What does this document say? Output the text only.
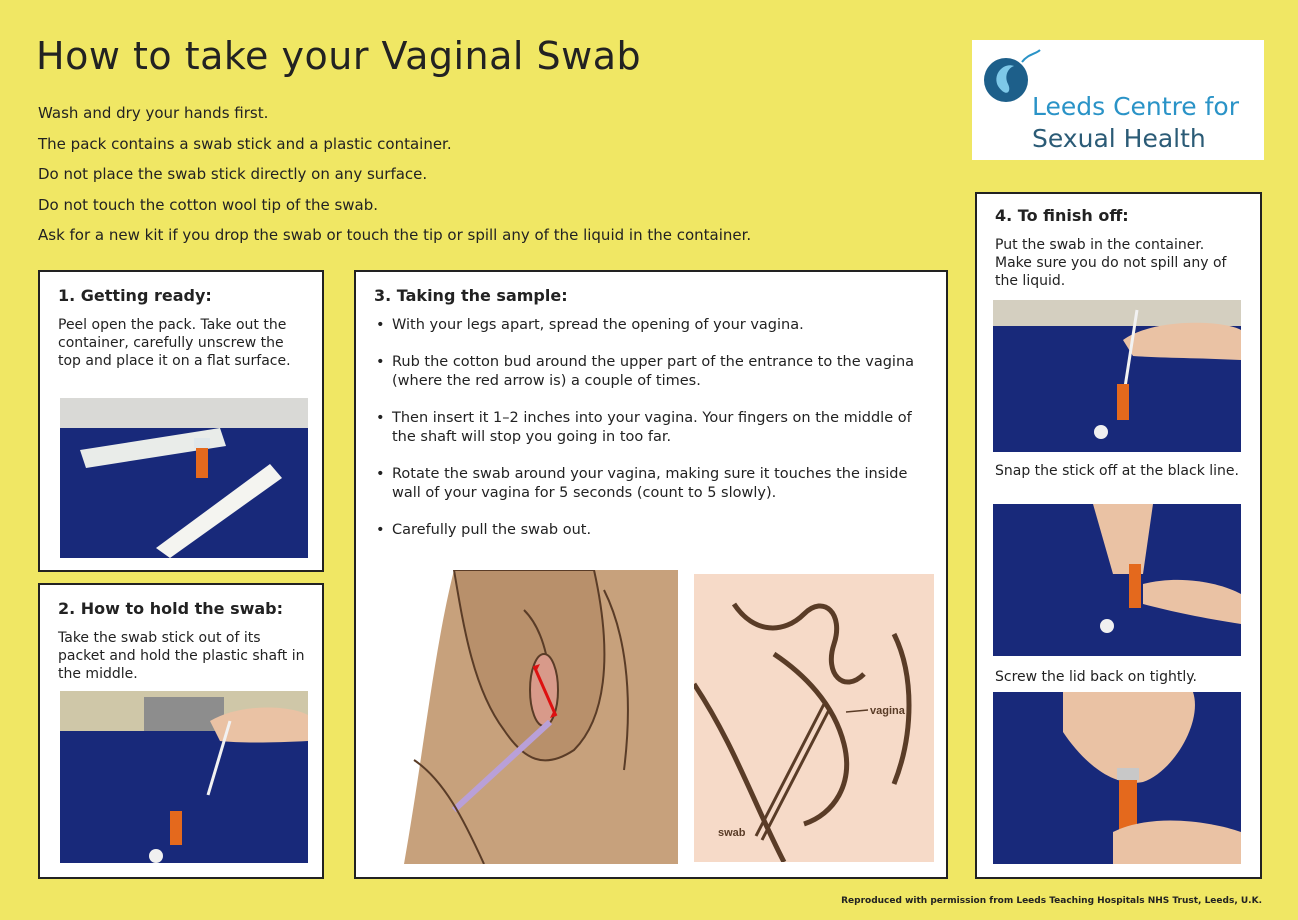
How to take your Vaginal Swab
Wash and dry your hands first.
The pack contains a swab stick and a plastic container.
Do not place the swab stick directly on any surface.
Do not touch the cotton wool tip of the swab.
Ask for a new kit if you drop the swab or touch the tip or spill any of the liquid in the container.
Leeds Centre for
Sexual Health
1. Getting ready:

Peel open the pack. Take out the container, carefully unscrew the top and place it on a flat surface.

2. How to hold the swab:

Take the swab stick out of its packet and hold the plastic shaft in the middle.

3. Taking the sample:
• With your legs apart, spread the opening of your vagina.
• Rub the cotton bud around the upper part of the entrance to the vagina (where the red arrow is) a couple of times.
• Then insert it 1–2 inches into your vagina. Your fingers on the middle of the shaft will stop you going in too far.
• Rotate the swab around your vagina, making sure it touches the inside wall of your vagina for 5 seconds (count to 5 slowly).
• Carefully pull the swab out.
vagina
swab
4. To finish off:

Put the swab in the container. Make sure you do not spill any of the liquid.

Snap the stick off at the black line.

Screw the lid back on tightly.

Reproduced with permission from Leeds Teaching Hospitals NHS Trust, Leeds, U.K.
